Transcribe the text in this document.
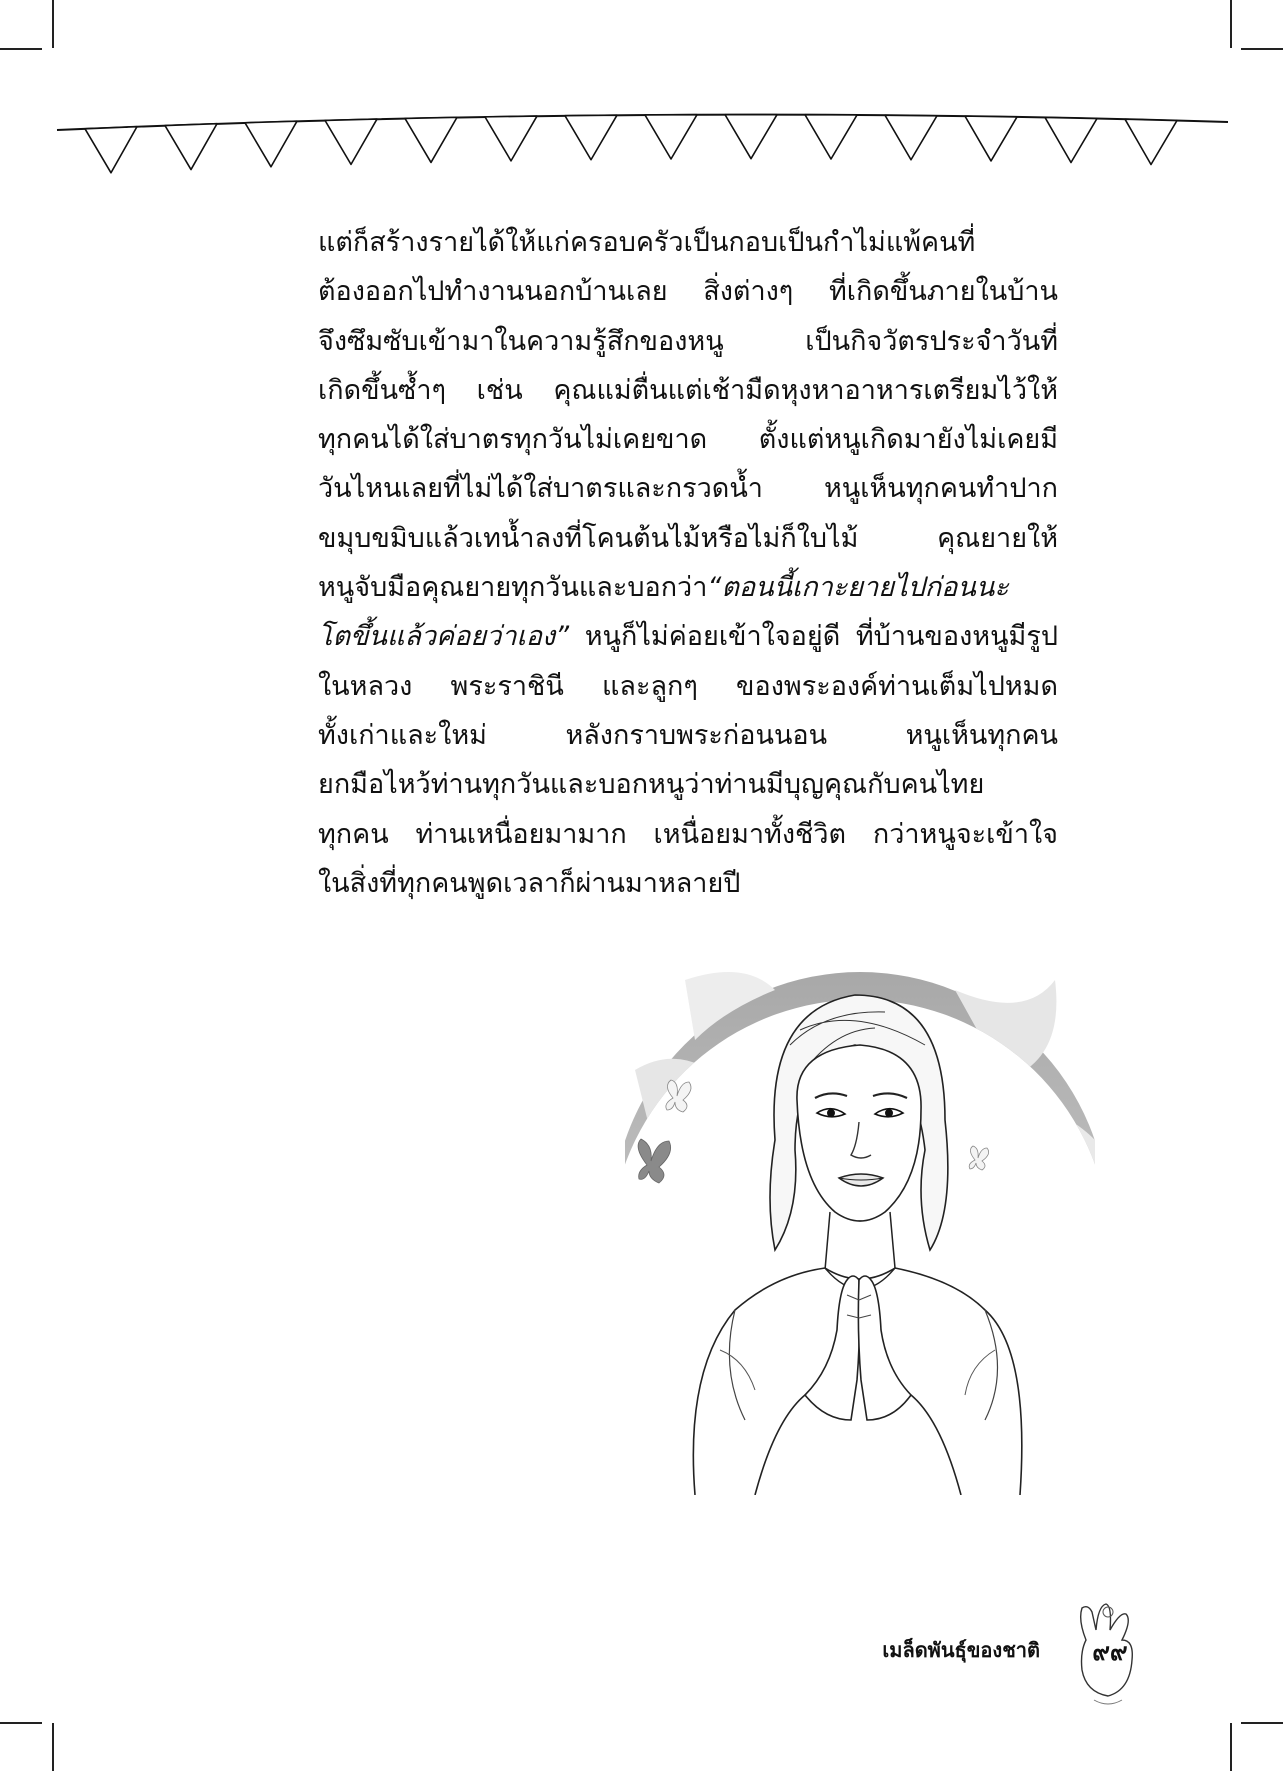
แต่ก็สร้างรายได้ให้แก่ครอบครัวเป็นกอบเป็นกำไม่แพ้คนที่
ต้องออกไปทำงานนอกบ้านเลย สิ่งต่างๆ ที่เกิดขึ้นภายในบ้าน
จึงซึมซับเข้ามาในความรู้สึกของหนู เป็นกิจวัตรประจำวันที่
เกิดขึ้นซ้ำๆ เช่น คุณแม่ตื่นแต่เช้ามืดหุงหาอาหารเตรียมไว้ให้
ทุกคนได้ใส่บาตรทุกวันไม่เคยขาด ตั้งแต่หนูเกิดมายังไม่เคยมี
วันไหนเลยที่ไม่ได้ใส่บาตรและกรวดน้ำ หนูเห็นทุกคนทำปาก
ขมุบขมิบแล้วเทน้ำลงที่โคนต้นไม้หรือไม่ก็ใบไม้ คุณยายให้
หนูจับมือคุณยายทุกวันและบอกว่า“ตอนนี้เกาะยายไปก่อนนะ
โตขึ้นแล้วค่อยว่าเอง” หนูก็ไม่ค่อยเข้าใจอยู่ดี ที่บ้านของหนูมีรูป
ในหลวง พระราชินี และลูกๆ ของพระองค์ท่านเต็มไปหมด
ทั้งเก่าและใหม่ หลังกราบพระก่อนนอน หนูเห็นทุกคน
ยกมือไหว้ท่านทุกวันและบอกหนูว่าท่านมีบุญคุณกับคนไทย
ทุกคน ท่านเหนื่อยมามาก เหนื่อยมาทั้งชีวิต กว่าหนูจะเข้าใจ
ในสิ่งที่ทุกคนพูดเวลาก็ผ่านมาหลายปี
เมล็ดพันธุ์ของชาติ	๙๙
